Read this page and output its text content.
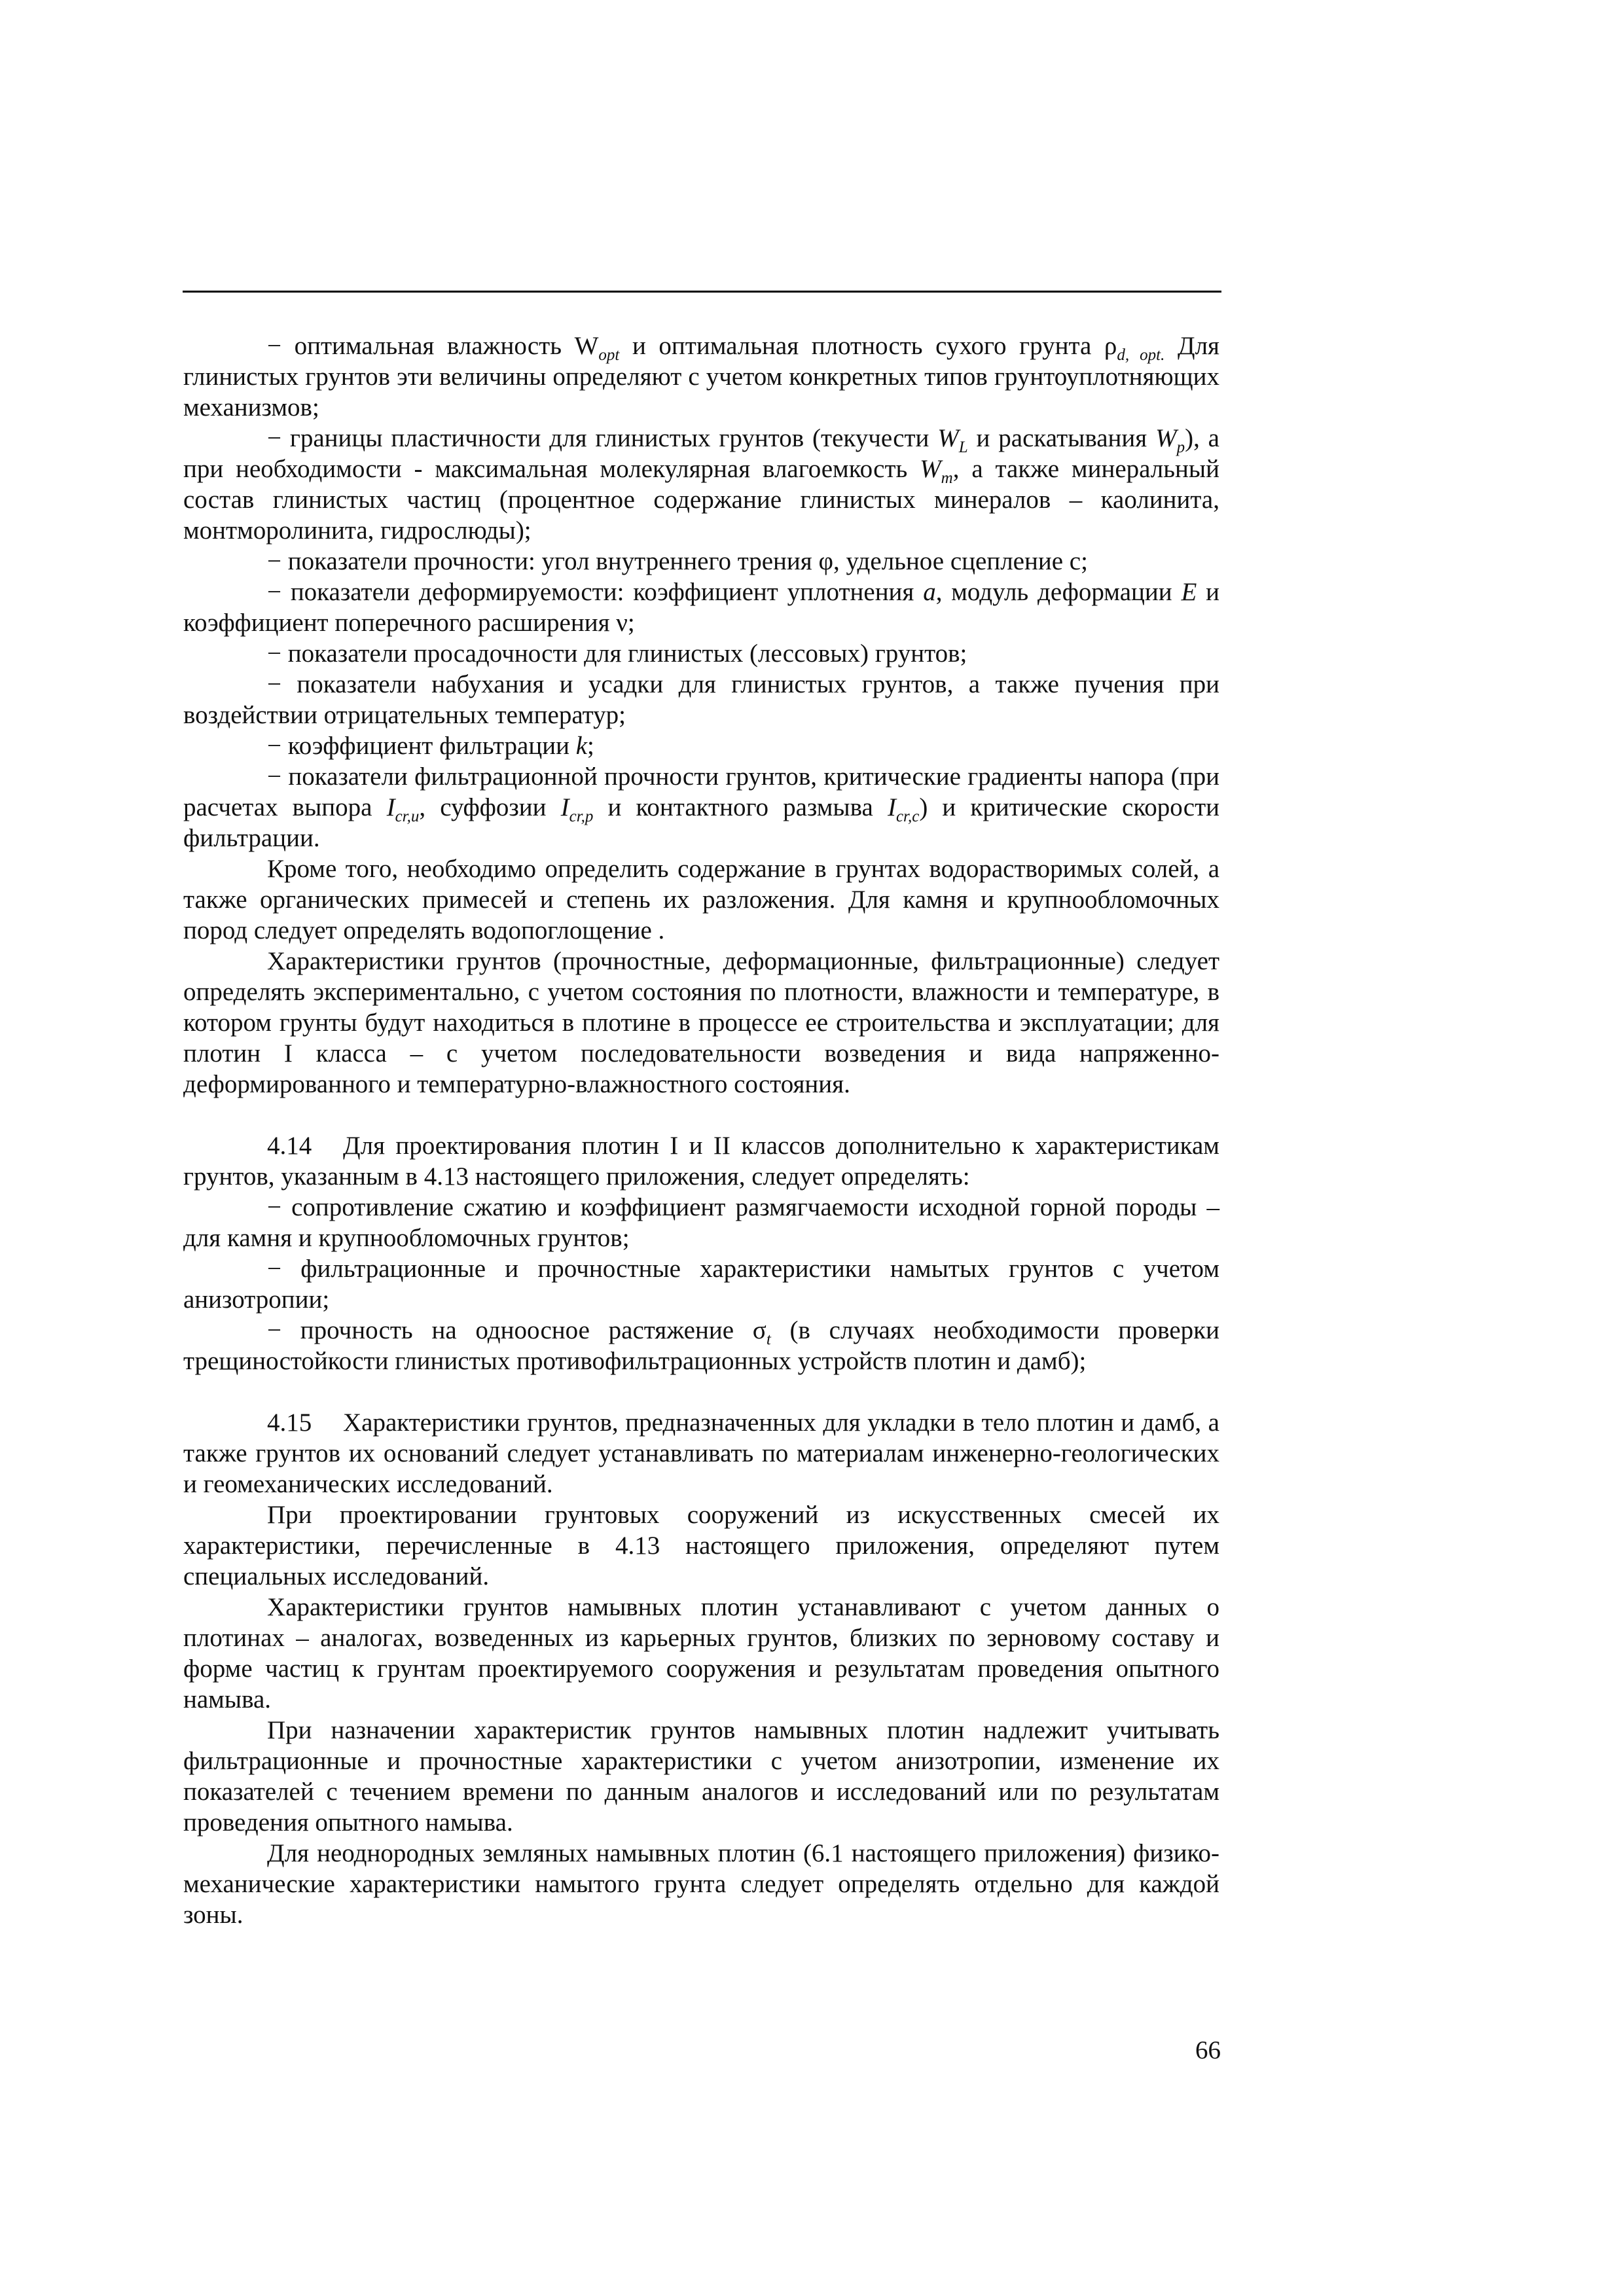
− оптимальная влажность $W_{opt}$ и оптимальная плотность сухого грунта $\rho_{d, opt.}$ Для глинистых грунтов эти величины определяют с учетом конкретных типов грунтоуплотняющих механизмов;

− границы пластичности для глинистых грунтов (текучести $W_L$ и раскатывания $W_p$), а при необходимости - максимальная молекулярная влагоемкость $W_m$, а также минеральный состав глинистых частиц (процентное содержание глинистых минералов – каолинита, монтморолинита, гидрослюды);

− показатели прочности: угол внутреннего трения φ, удельное сцепление c;

− показатели деформируемости: коэффициент уплотнения a, модуль деформации E и коэффициент поперечного расширения ν;

− показатели просадочности для глинистых (лессовых) грунтов;

− показатели набухания и усадки для глинистых грунтов, а также пучения при воздействии отрицательных температур;

− коэффициент фильтрации k;

− показатели фильтрационной прочности грунтов, критические градиенты напора (при расчетах выпора $I_{cr,u}$, суффозии $I_{cr,p}$ и контактного размыва $I_{cr,c}$) и критические скорости фильтрации.

Кроме того, необходимо определить содержание в грунтах водорастворимых солей, а также органических примесей и степень их разложения. Для камня и крупнообломочных пород следует определять водопоглощение .

Характеристики грунтов (прочностные, деформационные, фильтрационные) следует определять экспериментально, с учетом состояния по плотности, влажности и температуре, в котором грунты будут находиться в плотине в процессе ее строительства и эксплуатации; для плотин I класса – с учетом последовательности возведения и вида напряженно-деформированного и температурно-влажностного состояния.

4.14 Для проектирования плотин I и II классов дополнительно к характеристикам грунтов, указанным в 4.13 настоящего приложения, следует определять:

− сопротивление сжатию и коэффициент размягчаемости исходной горной породы – для камня и крупнообломочных грунтов;

− фильтрационные и прочностные характеристики намытых грунтов с учетом анизотропии;

− прочность на одноосное растяжение $\sigma_t$ (в случаях необходимости проверки трещиностойкости глинистых противофильтрационных устройств плотин и дамб);

4.15 Характеристики грунтов, предназначенных для укладки в тело плотин и дамб, а также грунтов их оснований следует устанавливать по материалам инженерно-геологических и геомеханических исследований.

При проектировании грунтовых сооружений из искусственных смесей их характеристики, перечисленные в 4.13 настоящего приложения, определяют путем специальных исследований.

Характеристики грунтов намывных плотин устанавливают с учетом данных о плотинах – аналогах, возведенных из карьерных грунтов, близких по зерновому составу и форме частиц к грунтам проектируемого сооружения и результатам проведения опытного намыва.

При назначении характеристик грунтов намывных плотин надлежит учитывать фильтрационные и прочностные характеристики с учетом анизотропии, изменение их показателей с течением времени по данным аналогов и исследований или по результатам проведения опытного намыва.

Для неоднородных земляных намывных плотин (6.1 настоящего приложения) физико-механические характеристики намытого грунта следует определять отдельно для каждой зоны.

66
